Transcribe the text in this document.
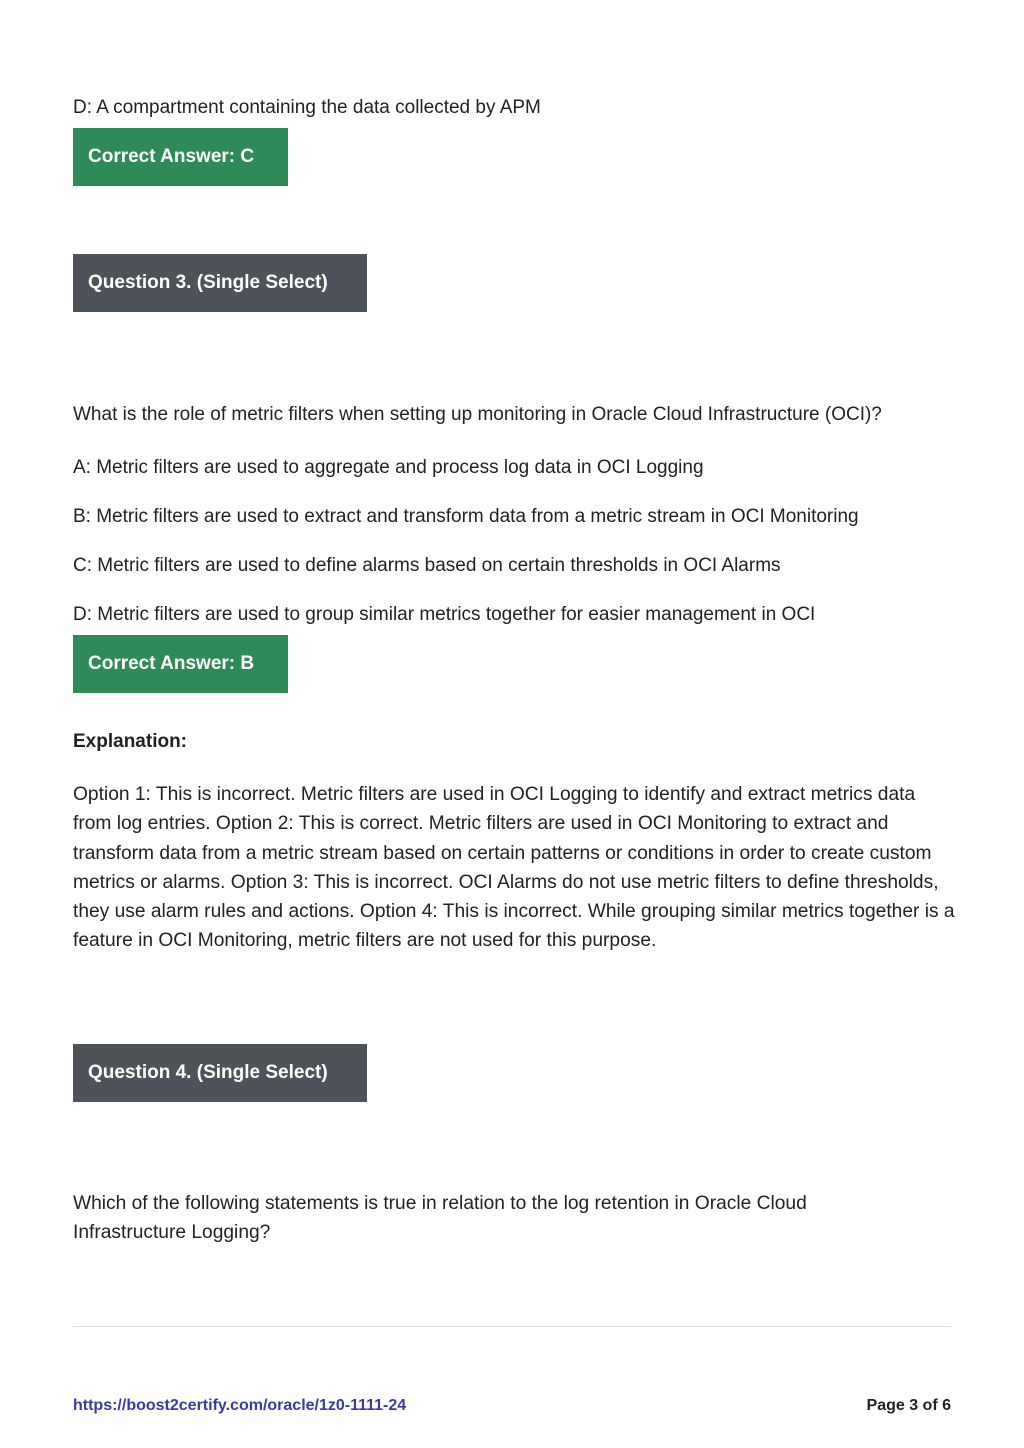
D: A compartment containing the data collected by APM
Correct Answer: C
Question 3. (Single Select)
What is the role of metric filters when setting up monitoring in Oracle Cloud Infrastructure (OCI)?
A: Metric filters are used to aggregate and process log data in OCI Logging
B: Metric filters are used to extract and transform data from a metric stream in OCI Monitoring
C: Metric filters are used to define alarms based on certain thresholds in OCI Alarms
D: Metric filters are used to group similar metrics together for easier management in OCI
Correct Answer: B
Explanation:
Option 1: This is incorrect. Metric filters are used in OCI Logging to identify and extract metrics data from log entries. Option 2: This is correct. Metric filters are used in OCI Monitoring to extract and transform data from a metric stream based on certain patterns or conditions in order to create custom metrics or alarms. Option 3: This is incorrect. OCI Alarms do not use metric filters to define thresholds, they use alarm rules and actions. Option 4: This is incorrect. While grouping similar metrics together is a feature in OCI Monitoring, metric filters are not used for this purpose.
Question 4. (Single Select)
Which of the following statements is true in relation to the log retention in Oracle Cloud Infrastructure Logging?
https://boost2certify.com/oracle/1z0-1111-24	Page 3 of 6
